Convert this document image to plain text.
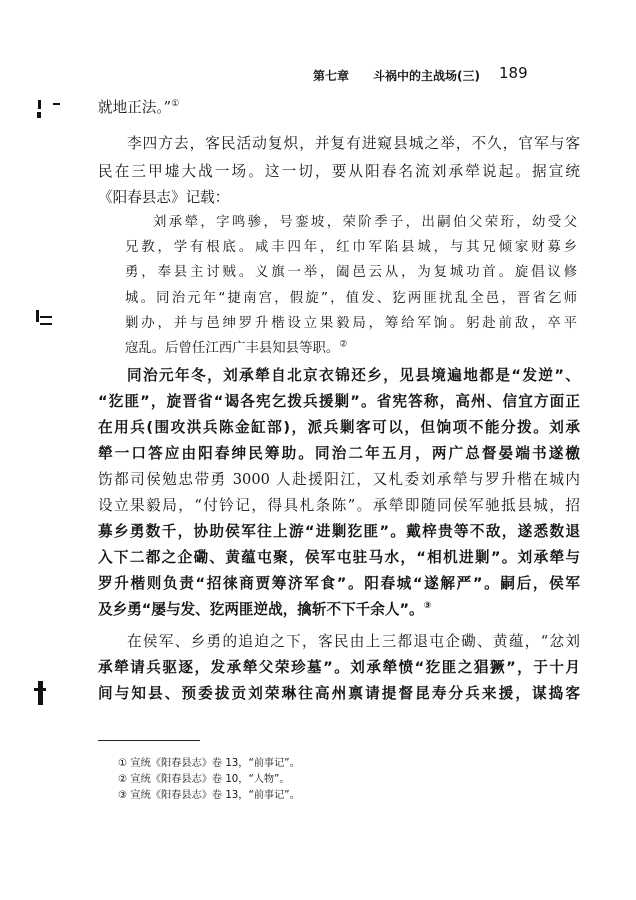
第七章 斗祸中的主战场(三) 189
就地正法。”①
李四方去，客民活动复炽，并复有进窥县城之举，不久，官军与客
民在三甲墟大战一场。这一切，要从阳春名流刘承犖说起。据宣统
《阳春县志》记载：
刘承犖，字鸣骖，号銮坡，荣阶季子，出嗣伯父荣珩，幼受父
兄教，学有根底。咸丰四年，红巾军陷县城，与其兄倾家财募乡
勇，奉县主讨贼。义旗一举，阖邑云从，为复城功首。旋倡议修
城。同治元年“捷南宫，假旋”，值发、犵两匪扰乱全邑，晋省乞师
剿办，并与邑绅罗升楷设立果毅局，筹给军饷。躬赴前敌，卒平
寇乱。后曾任江西广丰县知县等职。②
同治元年冬，刘承犖自北京衣锦还乡，见县境遍地都是“发逆”、
“犵匪”，旋晋省“谒各宪乞拨兵援剿”。省宪答称，高州、信宜方面正
在用兵(围攻洪兵陈金缸部)，派兵剿客可以，但饷项不能分拨。刘承
犖一口答应由阳春绅民筹助。同治二年五月，两广总督晏端书遂檄
饬都司侯勉忠带勇 3000 人赴援阳江，又札委刘承犖与罗升楷在城内
设立果毅局，“付钤记，得具札条陈”。承犖即随同侯军驰抵县城，招
募乡勇数千，协助侯军往上游“进剿犵匪”。戴梓贵等不敌，遂悉数退
入下二都之企磡、黄蕴屯聚，侯军屯驻马水，“相机进剿”。刘承犖与
罗升楷则负责“招徕商贾筹济军食”。阳春城“遂解严”。嗣后，侯军
及乡勇“屡与发、犵两匪逆战，擒斩不下千余人”。③
在侯军、乡勇的追迫之下，客民由上三都退屯企磡、黄蕴，“忿刘
承犖请兵驱逐，发承犖父荣珍墓”。刘承犖愤“犵匪之猖獗”，于十月
间与知县、预委拔贡刘荣琳往高州禀请提督昆寿分兵来援，谋捣客
① 宣统《阳春县志》卷 13，“前事记”。
② 宣统《阳春县志》卷 10，“人物”。
③ 宣统《阳春县志》卷 13，“前事记”。
